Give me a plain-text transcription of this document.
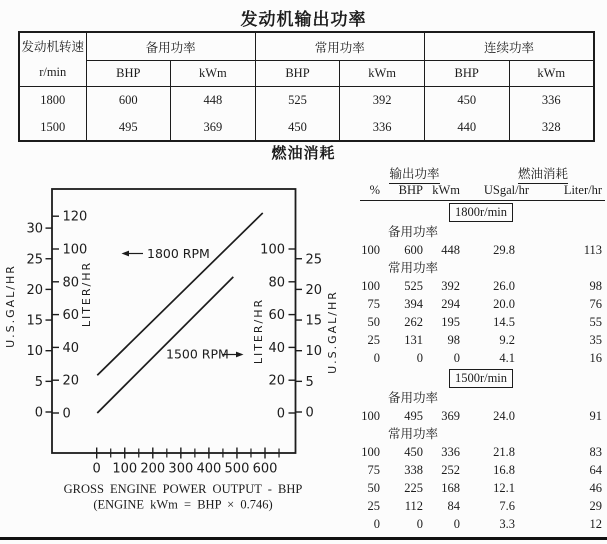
发动机输出功率
发动机转速
r/min	备用功率		常用功率		连续功率	
	BHP	kWm	BHP	kWm	BHP	kWm
1800	600	448	525	392	450	336
1500	495	369	450	336	440	328
燃油消耗
0 100 200 300 400 500 600
0
5
10
15
20
25
30
0
20
40
60
80
100
120
0
20
40
60
80
100
0
5
10
15
20
25
U.S.GAL/HR	LITER/HR
LITER/HR	U.S.GAL/HR
1800 RPM
1500 RPM
GROSS ENGINE POWER OUTPUT - BHP
(ENGINE kWm = BHP × 0.746)
输出功率	燃油消耗
%	BHP kWm	USgal/hr	Liter/hr
1800r/min
备用功率
100	600	448	29.8	113
常用功率
100	525	392	26.0	98
75	394	294	20.0	76
50	262	195	14.5	55
25	131	98	9.2	35
0	0	0	4.1	16
1500r/min
备用功率
100	495	369	24.0	91
常用功率
100	450	336	21.8	83
75	338	252	16.8	64
50	225	168	12.1	46
25	112	84	7.6	29
0	0	0	3.3	12
